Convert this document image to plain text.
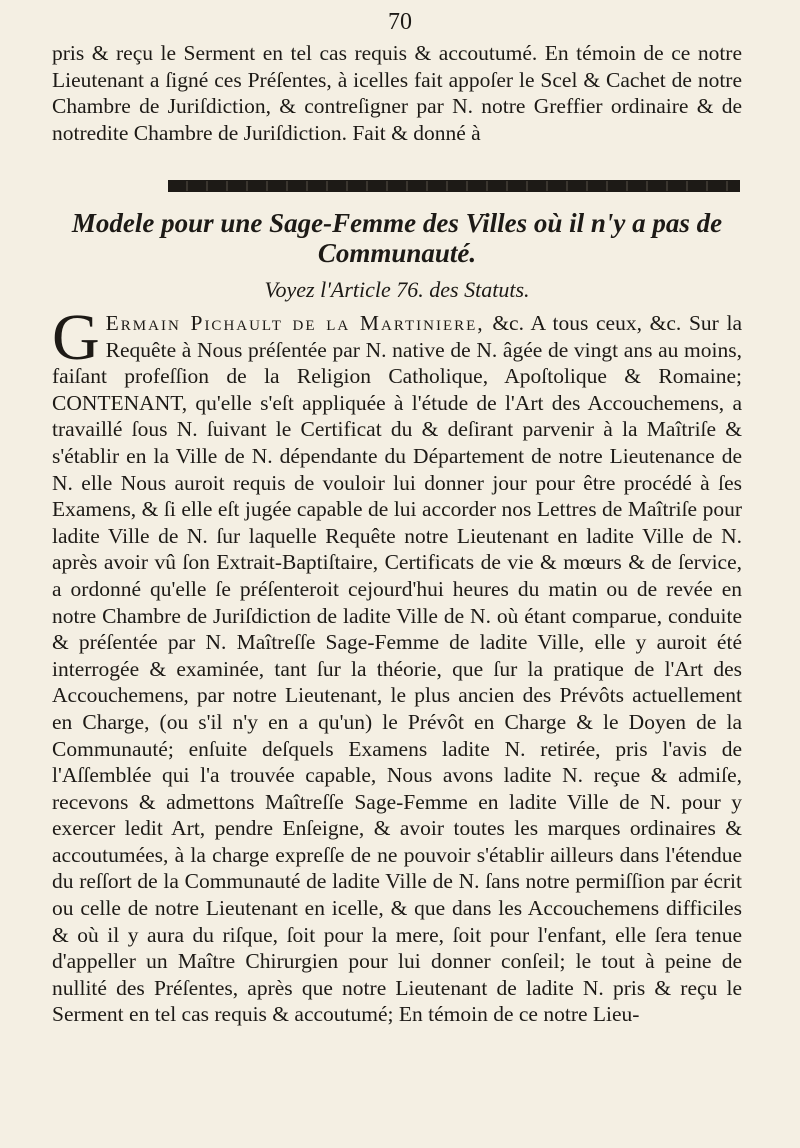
70

pris & reçu le Serment en tel cas requis & accoutumé. En témoin de ce notre Lieutenant a ſigné ces Préſentes, à icelles fait appoſer le Scel & Cachet de notre Chambre de Juriſdiction, & contreſigner par N. notre Greffier ordinaire & de notredite Chambre de Juriſdiction. Fait & donné à

Modele pour une Sage-Femme des Villes où il n'y a pas de Communauté.

Voyez l'Article 76. des Statuts.

G Ermain Pichault de la Martiniere, &c. A tous ceux, &c. Sur la Requête à Nous préſentée par N. native de N. âgée de vingt ans au moins, faiſant profeſſion de la Religion Catholique, Apoſtolique & Romaine; CONTENANT, qu'elle s'eſt appliquée à l'étude de l'Art des Accouchemens, a travaillé ſous N. ſuivant le Certificat du & deſirant parvenir à la Maîtriſe & s'établir en la Ville de N. dépendante du Département de notre Lieutenance de N. elle Nous auroit requis de vouloir lui donner jour pour être procédé à ſes Examens, & ſi elle eſt jugée capable de lui accorder nos Lettres de Maîtriſe pour ladite Ville de N. ſur laquelle Requête notre Lieutenant en ladite Ville de N. après avoir vû ſon Extrait-Baptiſtaire, Certificats de vie & mœurs & de ſervice, a ordonné qu'elle ſe préſenteroit cejourd'hui heures du matin ou de revée en notre Chambre de Juriſdiction de ladite Ville de N. où étant comparue, conduite & préſentée par N. Maîtreſſe Sage-Femme de ladite Ville, elle y auroit été interrogée & examinée, tant ſur la théorie, que ſur la pratique de l'Art des Accouchemens, par notre Lieutenant, le plus ancien des Prévôts actuellement en Charge, (ou s'il n'y en a qu'un) le Prévôt en Charge & le Doyen de la Communauté; enſuite deſquels Examens ladite N. retirée, pris l'avis de l'Aſſemblée qui l'a trouvée capable, Nous avons ladite N. reçue & admiſe, recevons & admettons Maîtreſſe Sage-Femme en ladite Ville de N. pour y exercer ledit Art, pendre Enſeigne, & avoir toutes les marques ordinaires & accoutumées, à la charge expreſſe de ne pouvoir s'établir ailleurs dans l'étendue du reſſort de la Communauté de ladite Ville de N. ſans notre permiſſion par écrit ou celle de notre Lieutenant en icelle, & que dans les Accouchemens difficiles & où il y aura du riſque, ſoit pour la mere, ſoit pour l'enfant, elle ſera tenue d'appeller un Maître Chirurgien pour lui donner conſeil; le tout à peine de nullité des Préſentes, après que notre Lieutenant de ladite N. pris & reçu le Serment en tel cas requis & accoutumé; En témoin de ce notre Lieu-
